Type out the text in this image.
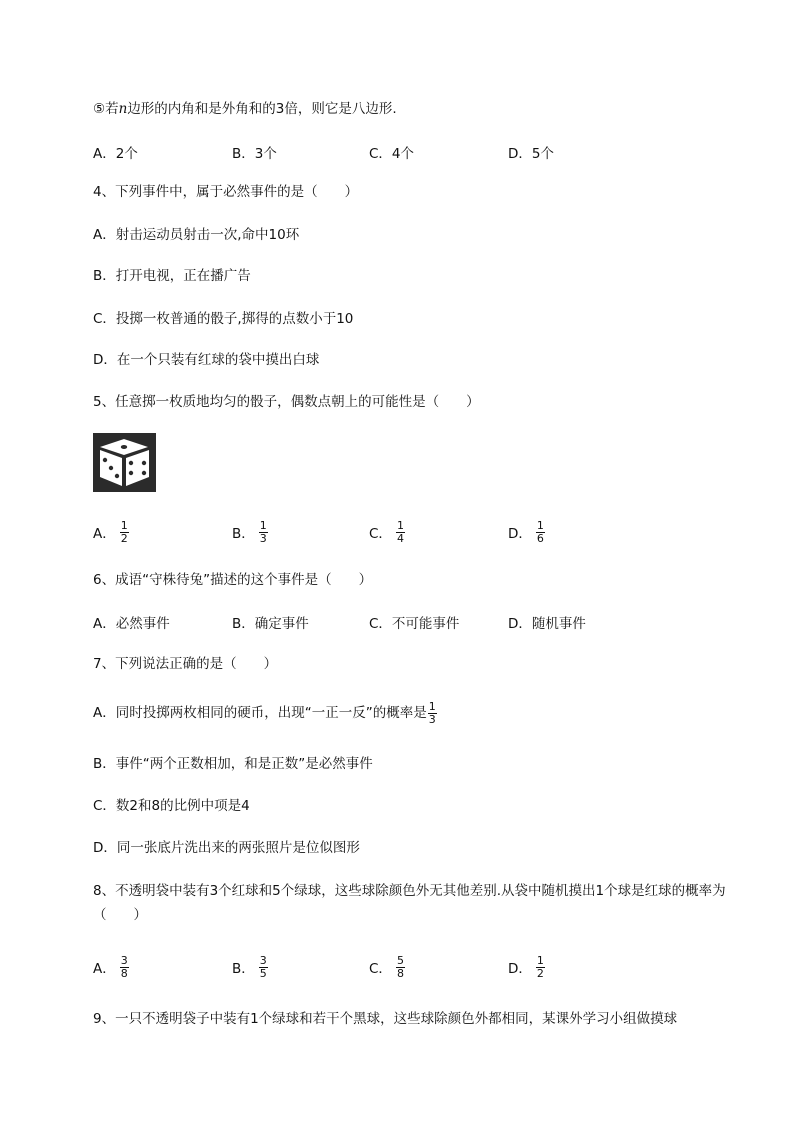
⑤若n边形的内角和是外角和的3倍，则它是八边形.
A．2个	B．3个	C．4个	D．5个
4、下列事件中，属于必然事件的是（　　）
A．射击运动员射击一次,命中10环
B．打开电视，正在播广告
C．投掷一枚普通的骰子,掷得的点数小于10
D．在一个只装有红球的袋中摸出白球
5、任意掷一枚质地均匀的骰子，偶数点朝上的可能性是（　　）
A． $\frac{1}{2}$	B． $\frac{1}{3}$	C． $\frac{1}{4}$	D． $\frac{1}{6}$
6、成语“守株待兔”描述的这个事件是（　　）
A．必然事件	B．确定事件	C．不可能事件	D．随机事件
7、下列说法正确的是（　　）
A．同时投掷两枚相同的硬币，出现“一正一反”的概率是 $\frac{1}{3}$
B．事件“两个正数相加，和是正数”是必然事件
C．数2和8的比例中项是4
D．同一张底片洗出来的两张照片是位似图形
8、不透明袋中装有3个红球和5个绿球，这些球除颜色外无其他差别.从袋中随机摸出1个球是红球的概率为（　　）
A． $\frac{3}{8}$	B． $\frac{3}{5}$	C． $\frac{5}{8}$	D． $\frac{1}{2}$
9、一只不透明袋子中装有1个绿球和若干个黑球，这些球除颜色外都相同，某课外学习小组做摸球
